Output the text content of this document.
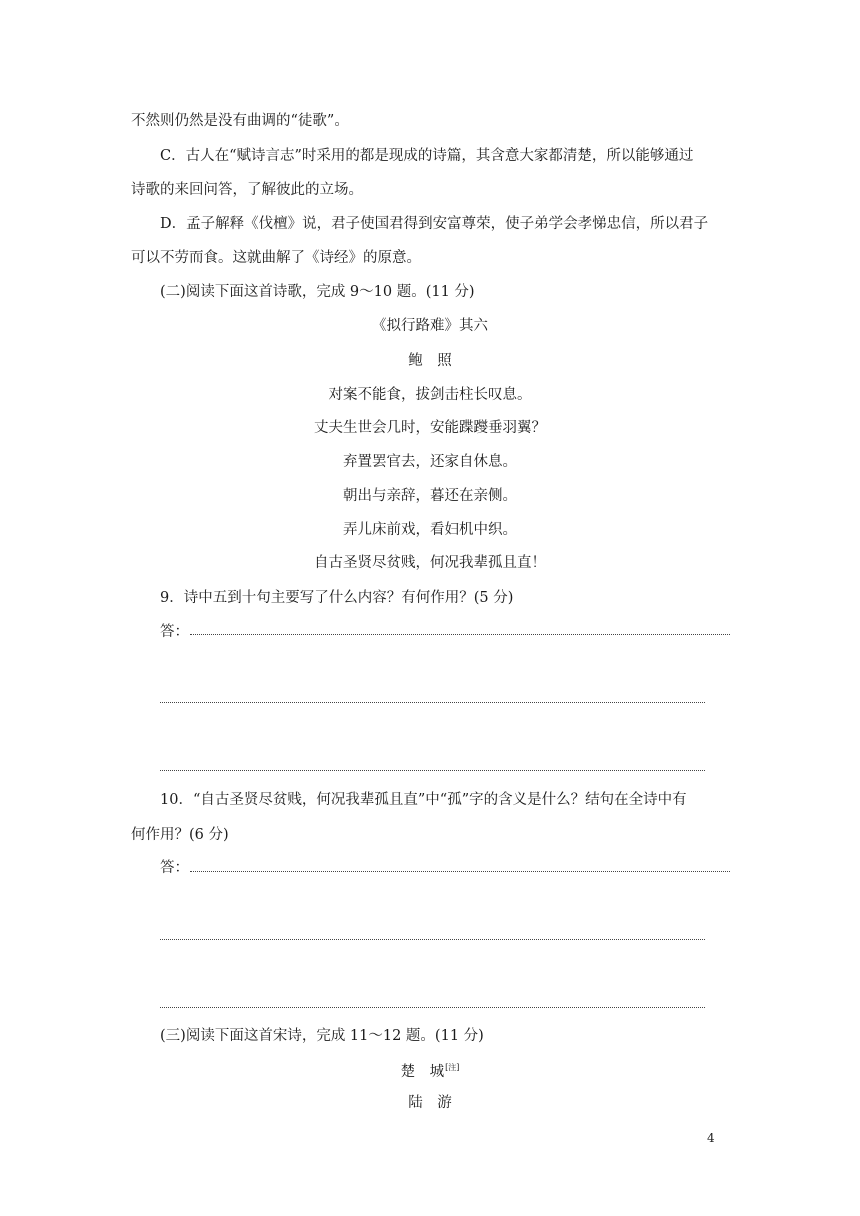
不然则仍然是没有曲调的“徒歌”。
C．古人在“赋诗言志”时采用的都是现成的诗篇，其含意大家都清楚，所以能够通过
诗歌的来回问答，了解彼此的立场。
D．孟子解释《伐檀》说，君子使国君得到安富尊荣，使子弟学会孝悌忠信，所以君子
可以不劳而食。这就曲解了《诗经》的原意。
(二)阅读下面这首诗歌，完成 9～10 题。(11 分)
《拟行路难》其六
鲍　照
对案不能食，拔剑击柱长叹息。
丈夫生世会几时，安能蹀躞垂羽翼？
弃置罢官去，还家自休息。
朝出与亲辞，暮还在亲侧。
弄儿床前戏，看妇机中织。
自古圣贤尽贫贱，何况我辈孤且直！
9．诗中五到十句主要写了什么内容？有何作用？(5 分)
答：
10．“自古圣贤尽贫贱，何况我辈孤且直”中“孤”字的含义是什么？结句在全诗中有
何作用？(6 分)
答：
(三)阅读下面这首宋诗，完成 11～12 题。(11 分)
楚　城[注]
陆　游
4
